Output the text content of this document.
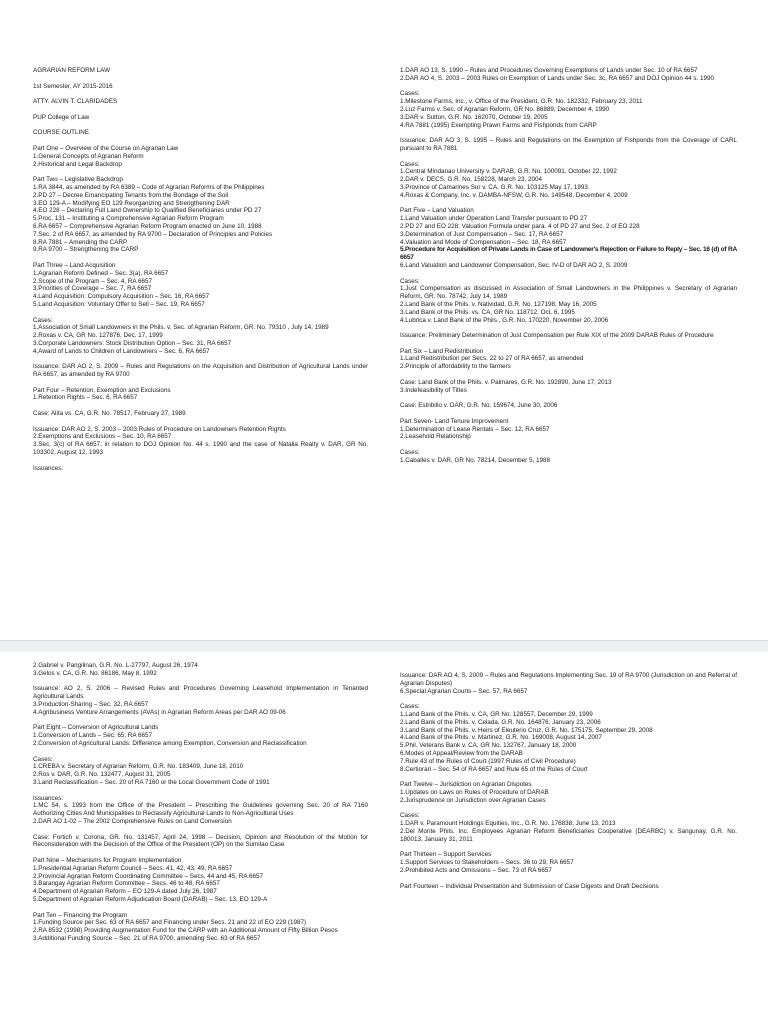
AGRARIAN REFORM LAW
1st Semester, AY 2015-2016
ATTY. ALVIN T. CLARIDADES
PUP College of Law
COURSE OUTLINE
Part One – Overview of the Course on Agrarian Law
1.General Concepts of Agrarian Reform
2.Historical and Legal Backdrop
Part Two – Legislative Backdrop
1.RA 3844, as amended by RA 6389 – Code of Agrarian Reforms of the Philippines
2.PD 27 – Decree Emancipating Tenants from the Bondage of the Soil
3.EO 129-A – Modifying EO 129 Reorganizing and Strengthening DAR
4.EO 228 – Declaring Full Land Ownership to Qualified Beneficiaries under PD 27
5.Proc. 131 – Instituting a Comprehensive Agrarian Reform Program
6.RA 6657 – Comprehensive Agrarian Reform Program enacted on June 10, 1988
7.Sec. 2 of RA 6657, as amended by RA 9700 – Declaration of Principles and Policies
8.RA 7881 – Amending the CARP
9.RA 9700 – Strengthening the CARP
Part Three – Land Acquisition
1.Agrarian Reform Defined – Sec. 3(a), RA 6657
2.Scope of the Program – Sec. 4, RA 6657
3.Priorities of Coverage – Sec. 7, RA 6657
4.Land Acquisition: Compulsory Acquisition – Sec. 16, RA 6657
5.Land Acquisition: Voluntary Offer to Sell – Sec. 19, RA 6657
Cases:
1.Association of Small Landowners in the Phils. v. Sec. of Agrarian Reform, GR. No. 79310 , July 14, 1989
2.Roxas v. CA, GR No. 127876, Dec. 17, 1999
3.Corporate Landowners: Stock Distribution Option – Sec. 31, RA 6657
4.Award of Lands to Children of Landowners – Sec. 6, RA 6657
Issuance: DAR AO 2, S. 2009 – Rules and Regulations on the Acquisition and Distribution of Agricultural Lands under RA 6657, as amended by RA 9700
Part Four – Retention, Exemption and Exclusions
1.Retention Rights – Sec. 6, RA 6657
Case: Alita vs. CA, G.R. No. 78517, February 27, 1989
Issuance: DAR AO 2, S. 2003 – 2003 Rules of Procedure on Landowners Retention Rights
2.Exemptions and Exclusions – Sec. 10, RA 6657
3.Sec. 3(c) of RA 6657, in relation to DOJ Opinion No. 44 s. 1990 and the case of Natalia Realty v. DAR, GR No. 103302, August 12, 1993
Issuances:
1.DAR AO 13, S. 1990 – Rules and Procedures Governing Exemptions of Lands under Sec. 10 of RA 6657
2.DAR AO 4, S. 2003 – 2003 Rules on Exemption of Lands under Sec. 3c, RA 6657 and DOJ Opinion 44 s. 1990
Cases:
1.Milestone Farms, Inc., v. Office of the President, G.R. No. 182332, February 23, 2011
2.Luz Farms v. Sec. of Agrarian Reform, GR No. 86889, December 4, 1990
3.DAR v. Sutton, G.R. No. 162070, October 19, 2005
4.RA 7881 (1995) Exempting Prawn Farms and Fishponds from CARP
Issuance: DAR AO 3, S. 1995 – Rules and Regulations on the Exemption of Fishponds from the Coverage of CARL pursuant to RA 7881
Cases:
1.Central Mindanao University v. DARAB, G.R. No. 100091, October 22, 1992
2.DAR v. DECS, G.R. No. 158228, March 23, 2004
3.Province of Camarines Sur v. CA, G.R. No. 103125 May 17, 1993
4.Roxas & Company, Inc. v. DAMBA-NFSW, G.R. No. 149548, December 4, 2009
Part Five – Land Valuation
1.Land Valuation under Operation Land Transfer pursuant to PD 27
2.PD 27 and EO 228: Valuation Formula under para. 4 of PD 27 and Sec. 2 of EO 228
3.Determination of Just Compensation – Sec. 17, RA 6657
4.Valuation and Mode of Compensation – Sec. 18, RA 6657
5.Procedure for Acquisition of Private Lands in Case of Landowner's Rejection or Failure to Reply – Sec. 16 (d) of RA 6657
6.Land Valuation and Landowner Compensation, Sec. IV-D of DAR AO 2, S. 2009
Cases:
1.Just Compensation as discussed in Association of Small Landowners in the Philippines v. Secretary of Agrarian Reform, GR. No. 78742, July 14, 1989
2.Land Bank of the Phils. v. Natividad, G.R. No. 127198, May 16, 2005
3.Land Bank of the Phils. vs. CA, GR No. 118712, Oct. 6, 1995
4.Lubrica v. Land Bank of the Phils., G.R. No. 170220, November 20, 2006
Issuance: Preliminary Determination of Just Compensation per Rule XIX of the 2009 DARAB Rules of Procedure
Part Six – Land Redistribution
1.Land Redistribution per Secs. 22 to 27 of RA 6657, as amended
2.Principle of affordability to the farmers
Case: Land Bank of the Phils. v. Palmares, G.R. No. 192890, June 17, 2013
3.Indefeasibility of Titles
Case: Estribillo v. DAR, G.R. No. 159674, June 30, 2006
Part Seven- Land Tenure Improvement
1.Determination of Lease Rentals – Sec. 12, RA 6657
2.Leasehold Relationship
Cases:
1.Caballes v. DAR, GR No. 78214, December 5, 1988
2.Gabriel v. Pangilinan, G.R. No. L-27797, August 26, 1974
3.Gelos v. CA, G.R. No. 86186, May 8, 1992
Issuance: AO 2, S. 2006 – Revised Rules and Procedures Governing Leasehold Implementation in Tenanted Agricultural Lands
3.Production-Sharing – Sec. 32, RA 6657
4.Agribusiness Venture Arrangements (AVAs) in Agrarian Reform Areas per DAR AO 09-06
Part Eight – Conversion of Agricultural Lands
1.Conversion of Lands – Sec. 65, RA 6657
2.Conversion of Agricultural Lands: Difference among Exemption, Conversion and Reclassification
Cases:
1.CREBA v. Secretary of Agrarian Reform, G.R. No. 183409, June 18, 2010
2.Ros v. DAR, G.R. No. 132477, August 31, 2005
3.Land Reclassification – Sec. 20 of RA 7160 or the Local Government Code of 1991
Issuances:
1.MC 54, s. 1993 from the Office of the President – Prescribing the Guidelines governing Sec. 20 of RA 7160 Authorizing Cities And Municipalities to Reclassify Agricultural Lands to Non-Agricultural Uses
2.DAR AO 1-02 – The 2002 Comprehensive Rules on Land Conversion
Case: Fortich v. Corona, GR. No. 131457, April 24, 1998 – Decision, Opinion and Resolution of the Motion for Reconsideration with the Decision of the Office of the President (OP) on the Sumilao Case
Part Nine – Mechanisms for Program Implementation
1.Presidential Agrarian Reform Council – Secs. 41, 42, 43, 49, RA 6657
2.Provincial Agrarian Reform Coordinating Committee – Secs. 44 and 45, RA 6657
3.Barangay Agrarian Reform Committee – Secs. 46 to 48, RA 6657
4.Department of Agrarian Reform – EO 129-A dated July 26, 1987
5.Department of Agrarian Reform Adjudication Board (DARAB) – Sec. 13, EO 129-A
Part Ten – Financing the Program
1.Funding Source per Sec. 63 of RA 6657 and Financing under Secs. 21 and 22 of EO 229 (1987)
2.RA 8532 (1998) Providing Augmentation Fund for the CARP with an Additional Amount of Fifty Billion Pesos
3.Additional Funding Source – Sec. 21 of RA 9700, amending Sec. 63 of RA 6657
Issuance: DAR AO 4, S. 2009 – Rules and Regulations Implementing Sec. 19 of RA 9700 (Jurisdiction on and Referral of Agrarian Disputes)
6.Special Agrarian Courts – Sec. 57, RA 6657
Cases:
1.Land Bank of the Phils. v. CA, GR No. 128557, December 29, 1999
2.Land Bank of the Phils. v. Celada, G.R. No. 164876, January 23, 2006
3.Land Bank of the Phils. v. Heirs of Eleuterio Cruz, G.R. No. 175175, September 29, 2008
4.Land Bank of the Phils. v. Martinez, G.R. No. 169008, August 14, 2007
5.Phil. Veterans Bank v. CA, GR No. 132767, January 18, 2000
6.Modes of Appeal/Review from the DARAB
7.Rule 43 of the Rules of Court (1997 Rules of Civil Procedure)
8.Certiorari – Sec. 54 of RA 6657 and Rule 65 of the Rules of Court
Part Twelve – Jurisdiction on Agrarian Disputes
1.Updates on Laws on Rules of Procedure of DARAB
2.Jurisprudence on Jurisdiction over Agrarian Cases
Cases:
1.DAR v. Paramount Holdings Equities, Inc., G.R. No. 176838, June 13, 2013
2.Del Monte Phils. Inc. Employees Agrarian Reform Beneficiaries Cooperative (DEARBC) v. Sangunay, G.R. No. 180013, January 31, 2011
Part Thirteen – Support Services
1.Support Services to Stakeholders – Secs. 36 to 29, RA 6657
2.Prohibited Acts and Omissions – Sec. 73 of RA 6657
Part Fourteen – Individual Presentation and Submission of Case Digests and Draft Decisions
